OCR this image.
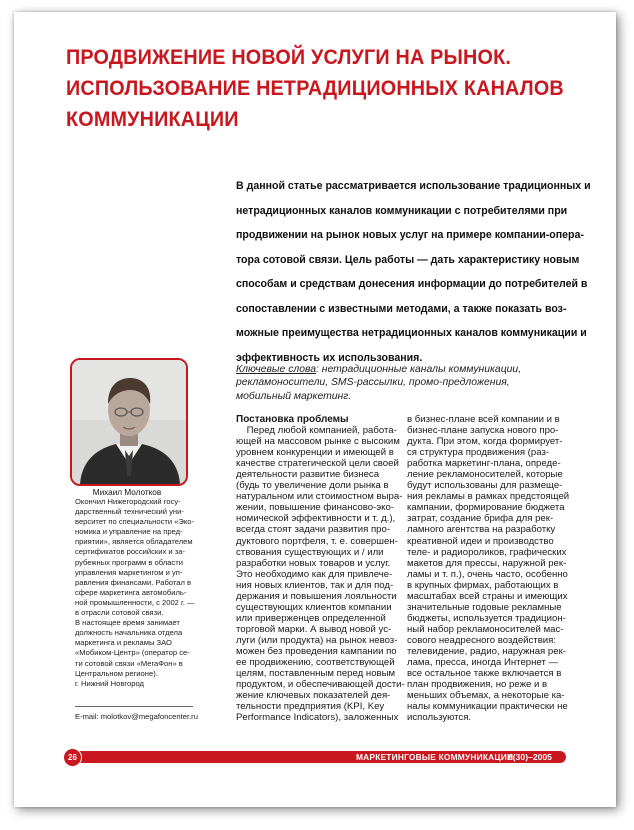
ПРОДВИЖЕНИЕ НОВОЙ УСЛУГИ НА РЫНОК.
ИСПОЛЬЗОВАНИЕ НЕТРАДИЦИОННЫХ КАНАЛОВ
КОММУНИКАЦИИ
В данной статье рассматривается использование традиционных и
нетрадиционных каналов коммуникации с потребителями при
продвижении на рынок новых услуг на примере компании-опера-
тора сотовой связи. Цель работы — дать характеристику новым
способам и средствам донесения информации до потребителей в
сопоставлении с известными методами, а также показать воз-
можные преимущества нетрадиционных каналов коммуникации и
эффективность их использования.
Ключевые слова: нетрадиционные каналы коммуникации, рекламоносители, SMS-рассылки, промо-предложения, мобильный маркетинг.
Михаил Молотков
Окончил Нижегородский госу-
дарственный технический уни-
верситет по специальности «Эко-
номика и управление на пред-
приятии», является обладателем
сертификатов российских и за-
рубежных программ в области
управления маркетингом и уп-
равления финансами. Работал в
сфере маркетинга автомобиль-
ной промышленности, с 2002 г. —
в отрасли сотовой связи.
В настоящее время занимает
должность начальника отдела
маркетинга и рекламы ЗАО
«Мобиком-Центр» (оператор се-
ти сотовой связи «МегаФон» в
Центральном регионе).
г. Нижний Новгород
E-mail: molotkov@megafoncenter.ru
Постановка проблемы
Перед любой компанией, работа-
ющей на массовом рынке с высоким
уровнем конкуренции и имеющей в
качестве стратегической цели своей
деятельности развитие бизнеса
(будь то увеличение доли рынка в
натуральном или стоимостном выра-
жении, повышение финансово-эко-
номической эффективности и т. д.),
всегда стоят задачи развития про-
дуктового портфеля, т. е. совершен-
ствования существующих и / или
разработки новых товаров и услуг.
Это необходимо как для привлече-
ния новых клиентов, так и для под-
держания и повышения лояльности
существующих клиентов компании
или приверженцев определенной
торговой марки. А вывод новой ус-
луги (или продукта) на рынок невоз-
можен без проведения кампании по
ее продвижению, соответствующей
целям, поставленным перед новым
продуктом, и обеспечивающей дости-
жение ключевых показателей дея-
тельности предприятия (KPI, Key
Performance Indicators), заложенных
в бизнес-плане всей компании и в
бизнес-плане запуска нового про-
дукта. При этом, когда формирует-
ся структура продвижения (раз-
работка маркетинг-плана, опреде-
ление рекламоносителей, которые
будут использованы для размеще-
ния рекламы в рамках предстоящей
кампании, формирование бюджета
затрат, создание брифа для рек-
ламного агентства на разработку
креативной идеи и производство
теле- и радиороликов, графических
макетов для прессы, наружной рек-
ламы и т. п.), очень часто, особенно
в крупных фирмах, работающих в
масштабах всей страны и имеющих
значительные годовые рекламные
бюджеты, используется традицион-
ный набор рекламоносителей мас-
сового неадресного воздействия:
телевидение, радио, наружная рек-
лама, пресса, иногда Интернет —
все остальное также включается в
план продвижения, но реже и в
меньших объемах, а некоторые ка-
налы коммуникации практически не
используются.
26	МАРКЕТИНГОВЫЕ КОММУНИКАЦИИ
6(30)–2005
